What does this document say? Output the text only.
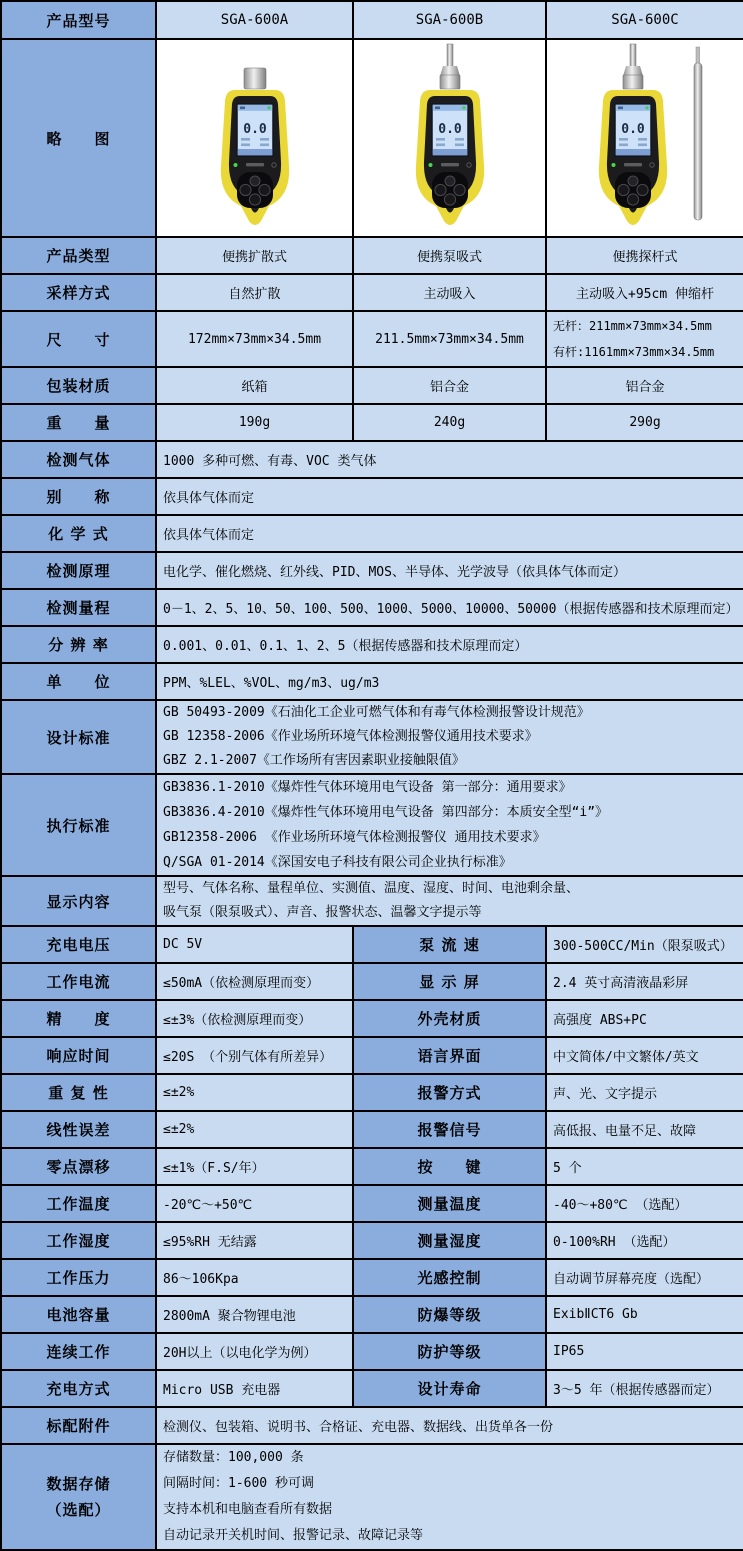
产品型号	SGA-600A	SGA-600B	SGA-600C
略　　图	

产品类型	便携扩散式	便携泵吸式	便携探杆式
采样方式	自然扩散	主动吸入	主动吸入+95cm 伸缩杆
尺　　寸	172mm×73mm×34.5mm	211.5mm×73mm×34.5mm	无杆：211mm×73mm×34.5mm
有杆:1161mm×73mm×34.5mm

包装材质	纸箱	铝合金	铝合金
重　　量	190g	240g	290g
检测气体	1000 多种可燃、有毒、VOC 类气体		
别　　称	依具体气体而定		
化 学 式	依具体气体而定		
检测原理	电化学、催化燃烧、红外线、PID、MOS、半导体、光学波导（依具体气体而定）		
检测量程	0－1、2、5、10、50、100、500、1000、5000、10000、50000（根据传感器和技术原理而定）		
分 辨 率	0.001、0.01、0.1、1、2、5（根据传感器和技术原理而定）		
单　　位	PPM、%LEL、%VOL、mg/m3、ug/m3		
设计标准	GB 50493-2009《石油化工企业可燃气体和有毒气体检测报警设计规范》
GB 12358-2006《作业场所环境气体检测报警仪通用技术要求》
GBZ 2.1-2007《工作场所有害因素职业接触限值》		

执行标准	GB3836.1-2010《爆炸性气体环境用电气设备 第一部分：通用要求》
GB3836.4-2010《爆炸性气体环境用电气设备 第四部分：本质安全型“i”》
GB12358-2006 《作业场所环境气体检测报警仪 通用技术要求》
Q/SGA 01-2014《深国安电子科技有限公司企业执行标准》		

显示内容	型号、气体名称、量程单位、实测值、温度、湿度、时间、电池剩余量、
吸气泵（限泵吸式）、声音、报警状态、温馨文字提示等		

充电电压	DC 5V	泵 流 速	300-500CC/Min（限泵吸式）
工作电流	≤50mA（依检测原理而变）	显 示 屏	2.4 英寸高清液晶彩屏
精　　度	≤±3%（依检测原理而变）	外壳材质	高强度 ABS+PC
响应时间	≤20S （个别气体有所差异）	语言界面	中文简体/中文繁体/英文
重 复 性	≤±2%	报警方式	声、光、文字提示
线性误差	≤±2%	报警信号	高低报、电量不足、故障
零点漂移	≤±1%（F.S/年）	按　　键	5 个
工作温度	-20℃～+50℃	测量温度	-40～+80℃ （选配）
工作湿度	≤95%RH 无结露	测量湿度	0-100%RH （选配）
工作压力	86～106Kpa	光感控制	自动调节屏幕亮度（选配）
电池容量	2800mA 聚合物锂电池	防爆等级	ExibⅡCT6 Gb
连续工作	20H以上（以电化学为例）	防护等级	IP65
充电方式	Micro USB 充电器	设计寿命	3～5 年（根据传感器而定）
标配附件	检测仪、包装箱、说明书、合格证、充电器、数据线、出货单各一份		

数据存储
（选配）

存储数量：100,000 条
间隔时间：1-600 秒可调
支持本机和电脑查看所有数据
自动记录开关机时间、报警记录、故障记录等
